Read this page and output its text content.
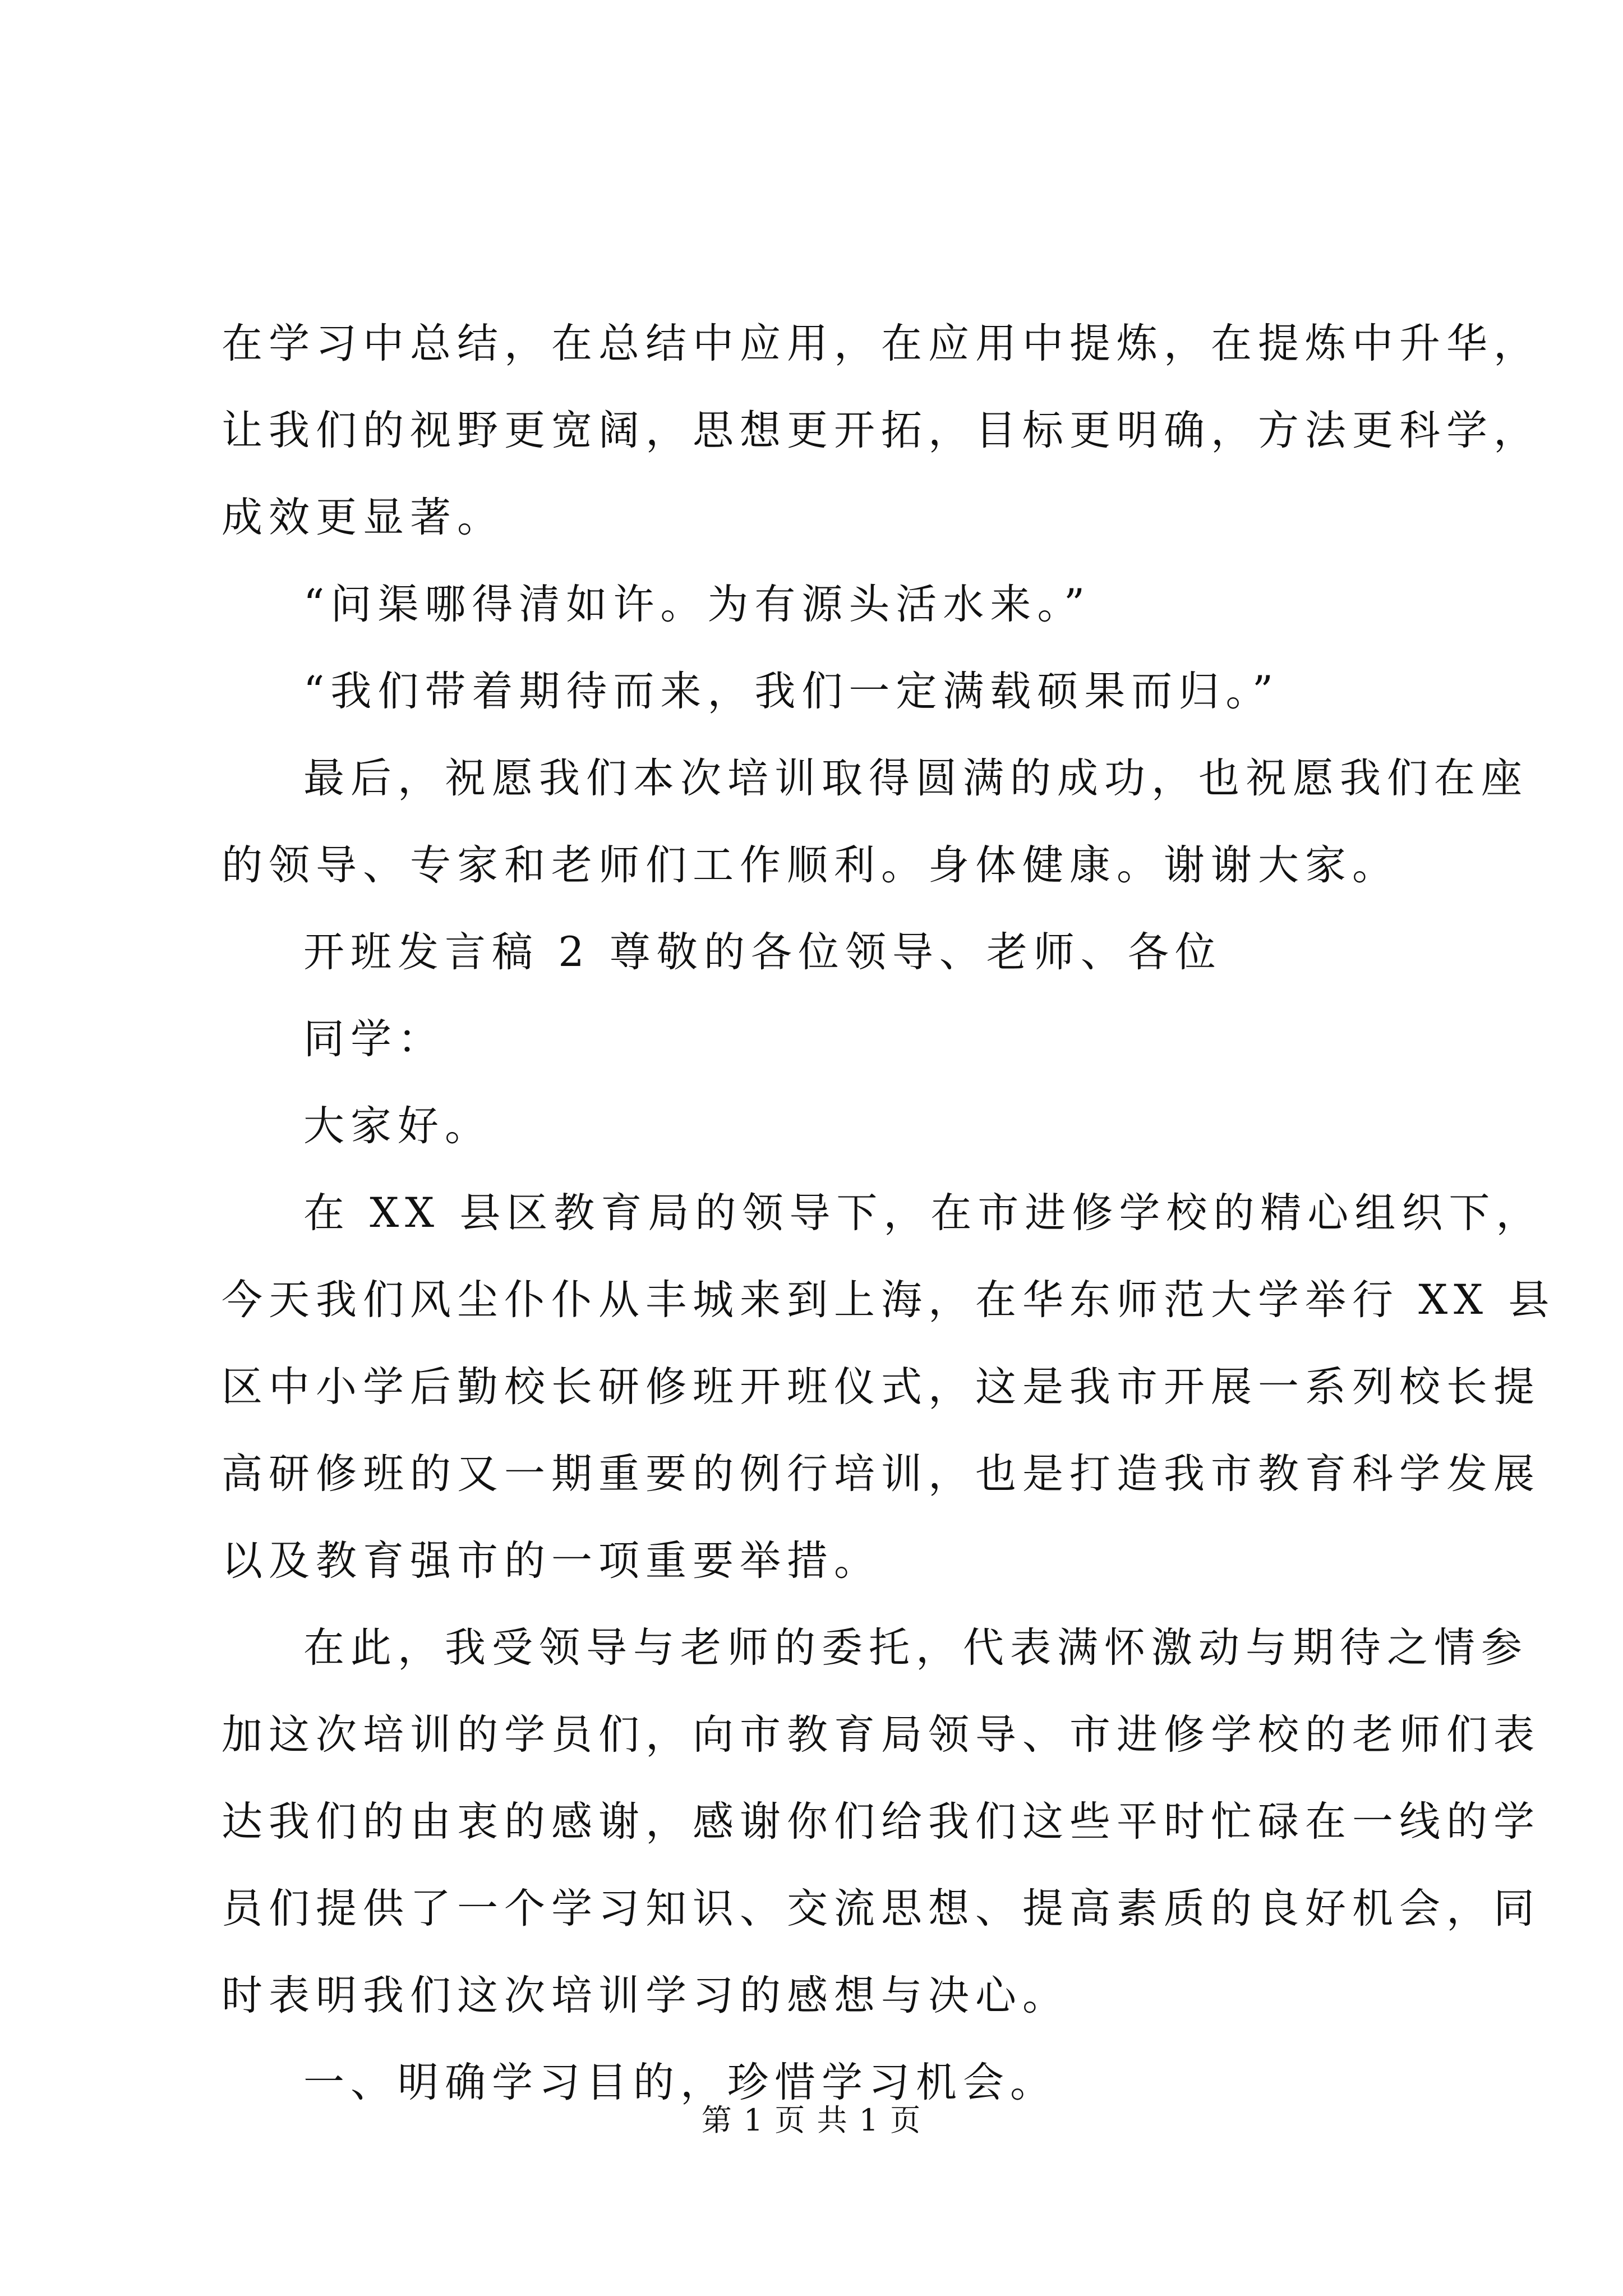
在学习中总结，在总结中应用，在应用中提炼，在提炼中升华，
让我们的视野更宽阔，思想更开拓，目标更明确，方法更科学，
成效更显著。
“问渠哪得清如许。为有源头活水来。”
“我们带着期待而来，我们一定满载硕果而归。”
最后，祝愿我们本次培训取得圆满的成功，也祝愿我们在座
的领导、专家和老师们工作顺利。身体健康。谢谢大家。
开班发言稿 2 尊敬的各位领导、老师、各位
同学：
大家好。
在 XX 县区教育局的领导下，在市进修学校的精心组织下，
今天我们风尘仆仆从丰城来到上海，在华东师范大学举行 XX 县
区中小学后勤校长研修班开班仪式，这是我市开展一系列校长提
高研修班的又一期重要的例行培训，也是打造我市教育科学发展
以及教育强市的一项重要举措。
在此，我受领导与老师的委托，代表满怀激动与期待之情参
加这次培训的学员们，向市教育局领导、市进修学校的老师们表
达我们的由衷的感谢，感谢你们给我们这些平时忙碌在一线的学
员们提供了一个学习知识、交流思想、提高素质的良好机会，同
时表明我们这次培训学习的感想与决心。
一、明确学习目的，珍惜学习机会。
第 1 页 共 1 页
